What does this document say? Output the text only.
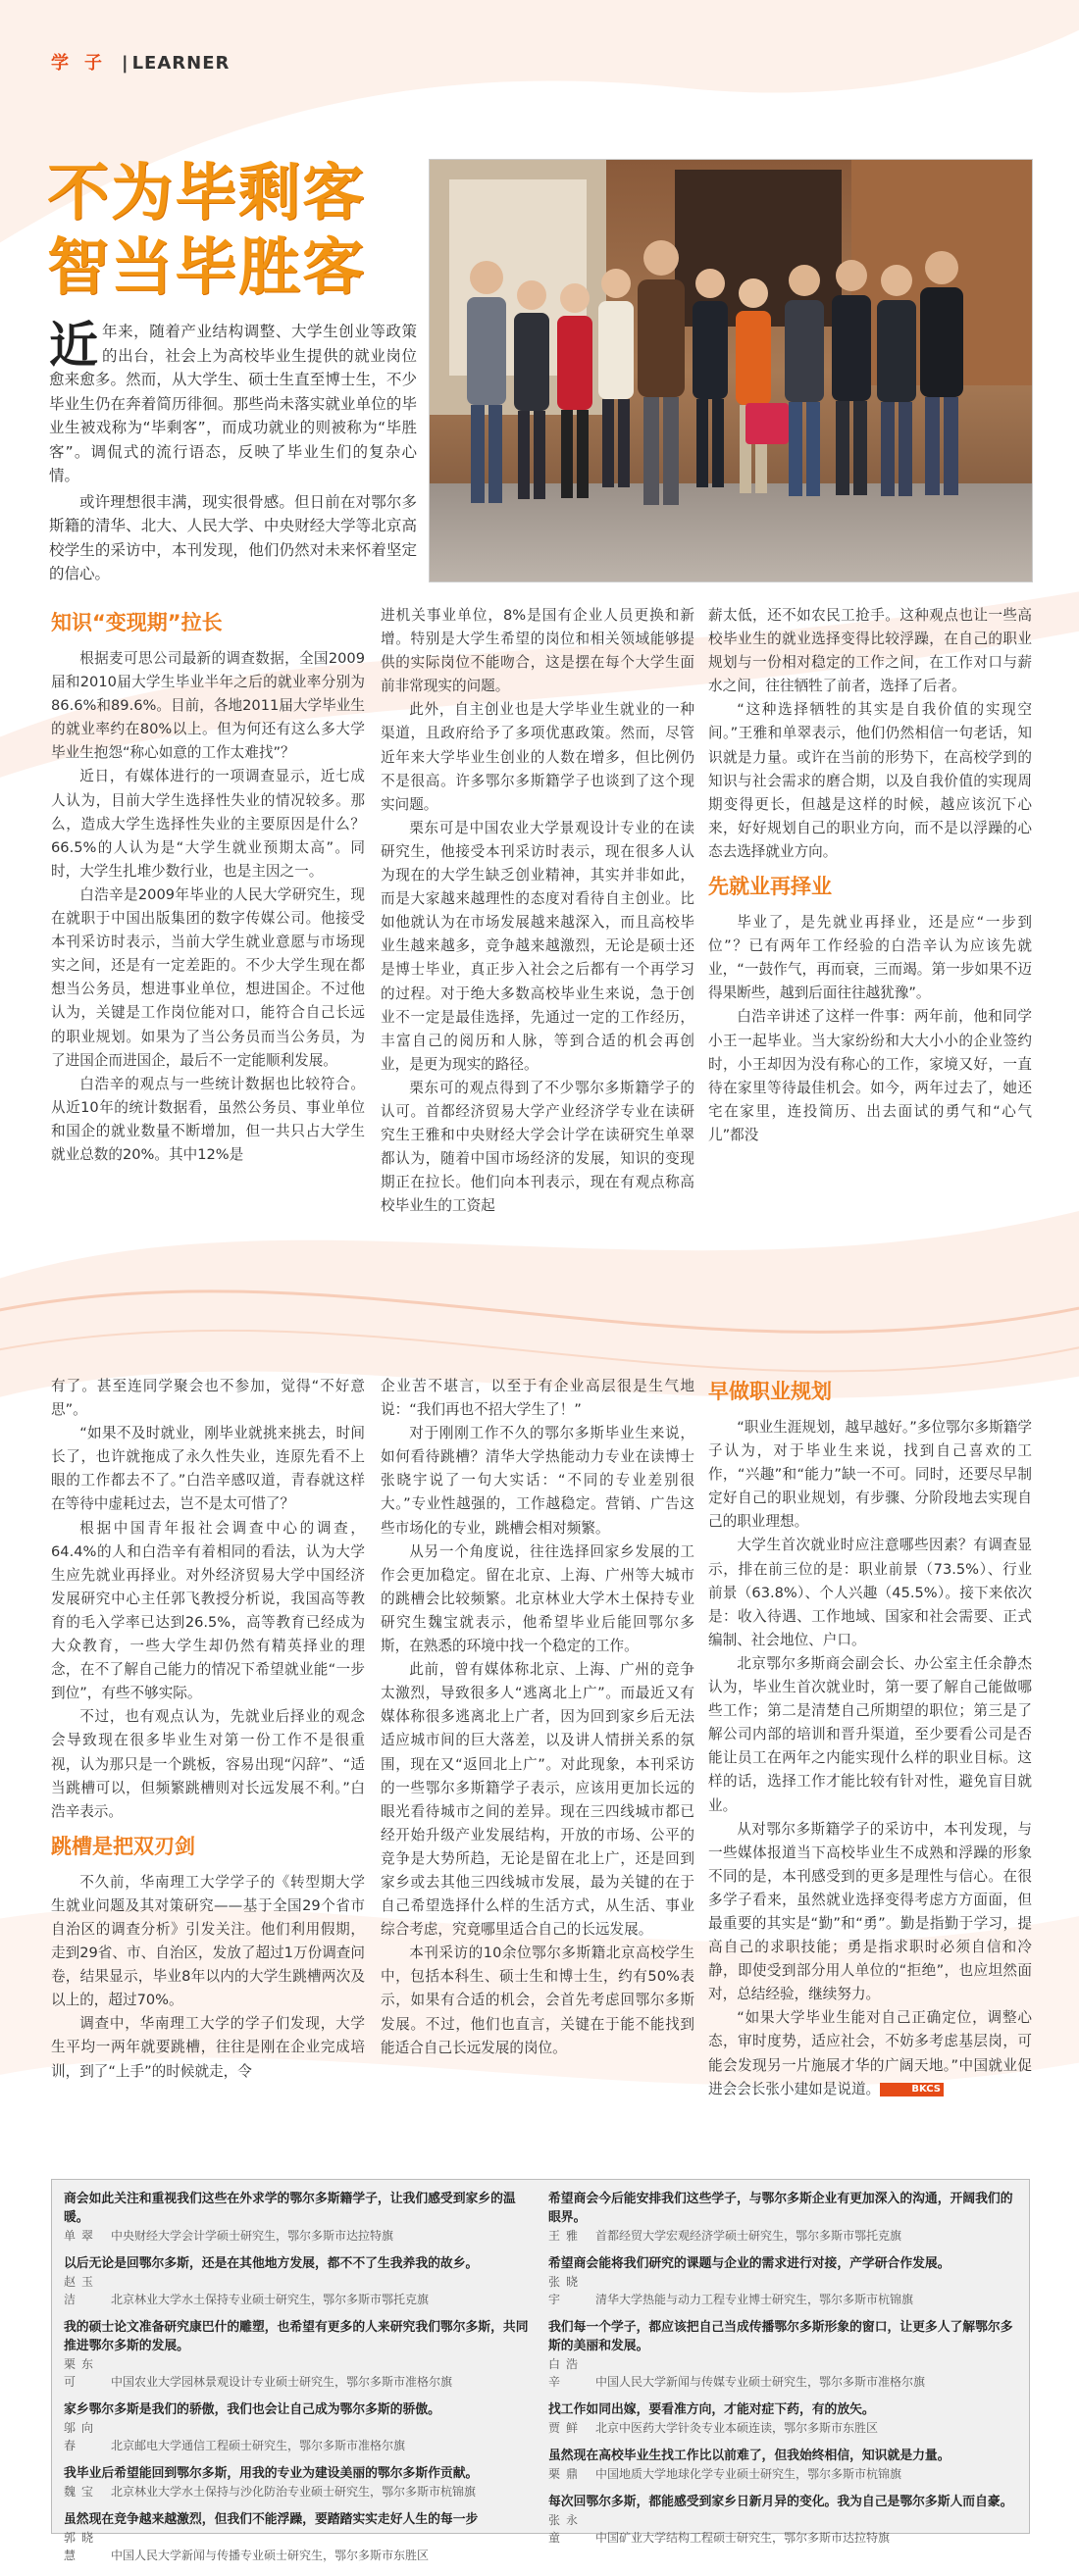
学子 | LEARNER
不为毕剩客
智当毕胜客

近年来，随着产业结构调整、大学生创业等政策的出台，社会上为高校毕业生提供的就业岗位愈来愈多。然而，从大学生、硕士生直至博士生，不少毕业生仍在奔着简历徘徊。那些尚未落实就业单位的毕业生被戏称为“毕剩客”，而成功就业的则被称为“毕胜客”。调侃式的流行语态，反映了毕业生们的复杂心情。

或许理想很丰满，现实很骨感。但日前在对鄂尔多斯籍的清华、北大、人民大学、中央财经大学等北京高校学生的采访中，本刊发现，他们仍然对未来怀着坚定的信心。

知识“变现期”拉长

根据麦可思公司最新的调查数据，全国2009届和2010届大学生毕业半年之后的就业率分别为86.6%和89.6%。目前，各地2011届大学毕业生的就业率约在80%以上。但为何还有这么多大学毕业生抱怨“称心如意的工作太难找”？

近日，有媒体进行的一项调查显示，近七成人认为，目前大学生选择性失业的情况较多。那么，造成大学生选择性失业的主要原因是什么？66.5%的人认为是“大学生就业预期太高”。同时，大学生扎堆少数行业，也是主因之一。

白浩辛是2009年毕业的人民大学研究生，现在就职于中国出版集团的数字传媒公司。他接受本刊采访时表示，当前大学生就业意愿与市场现实之间，还是有一定差距的。不少大学生现在都想当公务员，想进事业单位，想进国企。不过他认为，关键是工作岗位能对口，能符合自己长远的职业规划。如果为了当公务员而当公务员，为了进国企而进国企，最后不一定能顺利发展。

白浩辛的观点与一些统计数据也比较符合。从近10年的统计数据看，虽然公务员、事业单位和国企的就业数量不断增加，但一共只占大学生就业总数的20%。其中12%是

进机关事业单位，8%是国有企业人员更换和新增。特别是大学生希望的岗位和相关领域能够提供的实际岗位不能吻合，这是摆在每个大学生面前非常现实的问题。

此外，自主创业也是大学毕业生就业的一种渠道，且政府给予了多项优惠政策。然而，尽管近年来大学毕业生创业的人数在增多，但比例仍不是很高。许多鄂尔多斯籍学子也谈到了这个现实问题。

栗东可是中国农业大学景观设计专业的在读研究生，他接受本刊采访时表示，现在很多人认为现在的大学生缺乏创业精神，其实并非如此，而是大家越来越理性的态度对看待自主创业。比如他就认为在市场发展越来越深入，而且高校毕业生越来越多，竞争越来越激烈，无论是硕士还是博士毕业，真正步入社会之后都有一个再学习的过程。对于绝大多数高校毕业生来说，急于创业不一定是最佳选择，先通过一定的工作经历，丰富自己的阅历和人脉，等到合适的机会再创业，是更为现实的路径。

栗东可的观点得到了不少鄂尔多斯籍学子的认可。首都经济贸易大学产业经济学专业在读研究生王雅和中央财经大学会计学在读研究生单翠都认为，随着中国市场经济的发展，知识的变现期正在拉长。他们向本刊表示，现在有观点称高校毕业生的工资起

薪太低，还不如农民工抢手。这种观点也让一些高校毕业生的就业选择变得比较浮躁，在自己的职业规划与一份相对稳定的工作之间，在工作对口与薪水之间，往往牺牲了前者，选择了后者。

“这种选择牺牲的其实是自我价值的实现空间。”王雅和单翠表示，他们仍然相信一句老话，知识就是力量。或许在当前的形势下，在高校学到的知识与社会需求的磨合期，以及自我价值的实现周期变得更长，但越是这样的时候，越应该沉下心来，好好规划自己的职业方向，而不是以浮躁的心态去选择就业方向。

先就业再择业

毕业了，是先就业再择业，还是应“一步到位”？已有两年工作经验的白浩辛认为应该先就业，“一鼓作气，再而衰，三而竭。第一步如果不迈得果断些，越到后面往往越犹豫”。

白浩辛讲述了这样一件事：两年前，他和同学小王一起毕业。当大家纷纷和大大小小的企业签约时，小王却因为没有称心的工作，家境又好，一直待在家里等待最佳机会。如今，两年过去了，她还宅在家里，连投简历、出去面试的勇气和“心气儿”都没

有了。甚至连同学聚会也不参加，觉得“不好意思”。

“如果不及时就业，刚毕业就挑来挑去，时间长了，也许就拖成了永久性失业，连原先看不上眼的工作都去不了。”白浩辛感叹道，青春就这样在等待中虚耗过去，岂不是太可惜了？

根据中国青年报社会调查中心的调查，64.4%的人和白浩辛有着相同的看法，认为大学生应先就业再择业。对外经济贸易大学中国经济发展研究中心主任郭飞教授分析说，我国高等教育的毛入学率已达到26.5%，高等教育已经成为大众教育，一些大学生却仍然有精英择业的理念，在不了解自己能力的情况下希望就业能“一步到位”，有些不够实际。

不过，也有观点认为，先就业后择业的观念会导致现在很多毕业生对第一份工作不是很重视，认为那只是一个跳板，容易出现“闪辞”、“适当跳槽可以，但频繁跳槽则对长远发展不利。”白浩辛表示。

跳槽是把双刃剑

不久前，华南理工大学学子的《转型期大学生就业问题及其对策研究——基于全国29个省市自治区的调查分析》引发关注。他们利用假期，走到29省、市、自治区，发放了超过1万份调查问卷，结果显示，毕业8年以内的大学生跳槽两次及以上的，超过70%。

调查中，华南理工大学的学子们发现，大学生平均一两年就要跳槽，往往是刚在企业完成培训，到了“上手”的时候就走，令

企业苦不堪言，以至于有企业高层很是生气地说：“我们再也不招大学生了！”

对于刚刚工作不久的鄂尔多斯毕业生来说，如何看待跳槽？清华大学热能动力专业在读博士张晓宇说了一句大实话：“不同的专业差别很大。”专业性越强的，工作越稳定。营销、广告这些市场化的专业，跳槽会相对频繁。

从另一个角度说，往往选择回家乡发展的工作会更加稳定。留在北京、上海、广州等大城市的跳槽会比较频繁。北京林业大学木土保持专业研究生魏宝就表示，他希望毕业后能回鄂尔多斯，在熟悉的环境中找一个稳定的工作。

此前，曾有媒体称北京、上海、广州的竞争太激烈，导致很多人“逃离北上广”。而最近又有媒体称很多逃离北上广者，因为回到家乡后无法适应城市间的巨大落差，以及讲人情拼关系的氛围，现在又“返回北上广”。对此现象，本刊采访的一些鄂尔多斯籍学子表示，应该用更加长远的眼光看待城市之间的差异。现在三四线城市都已经开始升级产业发展结构，开放的市场、公平的竞争是大势所趋，无论是留在北上广，还是回到家乡或去其他三四线城市发展，最为关键的在于自己希望选择什么样的生活方式，从生活、事业综合考虑，究竟哪里适合自己的长远发展。

本刊采访的10余位鄂尔多斯籍北京高校学生中，包括本科生、硕士生和博士生，约有50%表示，如果有合适的机会，会首先考虑回鄂尔多斯发展。不过，他们也直言，关键在于能不能找到能适合自己长远发展的岗位。

早做职业规划

“职业生涯规划，越早越好。”多位鄂尔多斯籍学子认为，对于毕业生来说，找到自己喜欢的工作，“兴趣”和“能力”缺一不可。同时，还要尽早制定好自己的职业规划，有步骤、分阶段地去实现自己的职业理想。

大学生首次就业时应注意哪些因素？有调查显示，排在前三位的是：职业前景（73.5%）、行业前景（63.8%）、个人兴趣（45.5%）。接下来依次是：收入待遇、工作地域、国家和社会需要、正式编制、社会地位、户口。

北京鄂尔多斯商会副会长、办公室主任余静杰认为，毕业生首次就业时，第一要了解自己能做哪些工作；第二是清楚自己所期望的职位；第三是了解公司内部的培训和晋升渠道，至少要看公司是否能让员工在两年之内能实现什么样的职业目标。这样的话，选择工作才能比较有针对性，避免盲目就业。

从对鄂尔多斯籍学子的采访中，本刊发现，与一些媒体报道当下高校毕业生不成熟和浮躁的形象不同的是，本刊感受到的更多是理性与信心。在很多学子看来，虽然就业选择变得考虑方方面面，但最重要的其实是“勤”和“勇”。勤是指勤于学习，提高自己的求职技能；勇是指求职时必须自信和冷静，即使受到部分用人单位的“拒绝”，也应坦然面对，总结经验，继续努力。

“如果大学毕业生能对自己正确定位，调整心态，审时度势，适应社会，不妨多考虑基层岗，可能会发现另一片施展才华的广阔天地。”中国就业促进会会长张小建如是说道。	BKCS

商会如此关注和重视我们这些在外求学的鄂尔多斯籍学子，让我们感受到家乡的温暖。
单翠 中央财经大学会计学硕士研究生，鄂尔多斯市达拉特旗
以后无论是回鄂尔多斯，还是在其他地方发展，都不不了生我养我的故乡。
赵玉洁 北京林业大学水土保持专业硕士研究生，鄂尔多斯市鄂托克旗
我的硕士论文准备研究康巴什的雕塑，也希望有更多的人来研究我们鄂尔多斯，共同推进鄂尔多斯的发展。
栗东可 中国农业大学园林景观设计专业硕士研究生，鄂尔多斯市准格尔旗
家乡鄂尔多斯是我们的骄傲，我们也会让自己成为鄂尔多斯的骄傲。
邬向春 北京邮电大学通信工程硕士研究生，鄂尔多斯市准格尔旗
我毕业后希望能回到鄂尔多斯，用我的专业为建设美丽的鄂尔多斯作贡献。
魏宝 北京林业大学水土保持与沙化防治专业硕士研究生，鄂尔多斯市杭锦旗
虽然现在竞争越来越激烈，但我们不能浮躁，要踏踏实实走好人生的每一步
郭晓慧 中国人民大学新闻与传播专业硕士研究生，鄂尔多斯市东胜区
希望商会今后能安排我们这些学子，与鄂尔多斯企业有更加深入的沟通，开阔我们的眼界。
王雅 首都经贸大学宏观经济学硕士研究生，鄂尔多斯市鄂托克旗
希望商会能将我们研究的课题与企业的需求进行对接，产学研合作发展。
张晓宇 清华大学热能与动力工程专业博士研究生，鄂尔多斯市杭锦旗
我们每一个学子，都应该把自己当成传播鄂尔多斯形象的窗口，让更多人了解鄂尔多斯的美丽和发展。
白浩辛 中国人民大学新闻与传媒专业硕士研究生，鄂尔多斯市准格尔旗
找工作如同出嫁，要看准方向，才能对症下药，有的放矢。
贾鲜 北京中医药大学针灸专业本硕连读，鄂尔多斯市东胜区
虽然现在高校毕业生找工作比以前难了，但我始终相信，知识就是力量。
栗鼎 中国地质大学地球化学专业硕士研究生，鄂尔多斯市杭锦旗
每次回鄂尔多斯，都能感受到家乡日新月异的变化。我为自己是鄂尔多斯人而自豪。
张永童 中国矿业大学结构工程硕士研究生，鄂尔多斯市达拉特旗
